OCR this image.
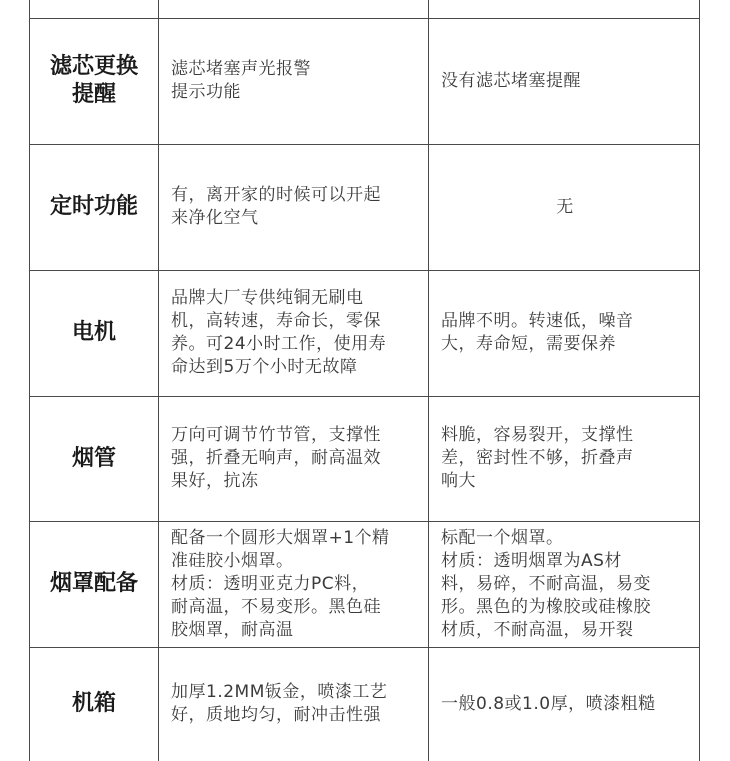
滤芯更换
提醒
滤芯堵塞声光报警
提示功能
没有滤芯堵塞提醒
定时功能 有，离开家的时候可以开起
来净化空气
无
电机
品牌大厂专供纯铜无刷电
机，高转速，寿命长，零保
养。可24小时工作，使用寿
命达到5万个小时无故障
品牌不明。转速低，噪音
大，寿命短，需要保养
烟管
万向可调节竹节管，支撑性
强，折叠无响声，耐高温效
果好，抗冻
料脆，容易裂开，支撑性
差，密封性不够，折叠声
响大
烟罩配备
配备一个圆形大烟罩+1个精
准硅胶小烟罩。
材质：透明亚克力PC料，
耐高温，不易变形。黑色硅
胶烟罩，耐高温
标配一个烟罩。
材质：透明烟罩为AS材
料，易碎，不耐高温，易变
形。黑色的为橡胶或硅橡胶
材质，不耐高温，易开裂
机箱	加厚1.2MM钣金，喷漆工艺
好，质地均匀，耐冲击性强
一般0.8或1.0厚，喷漆粗糙
